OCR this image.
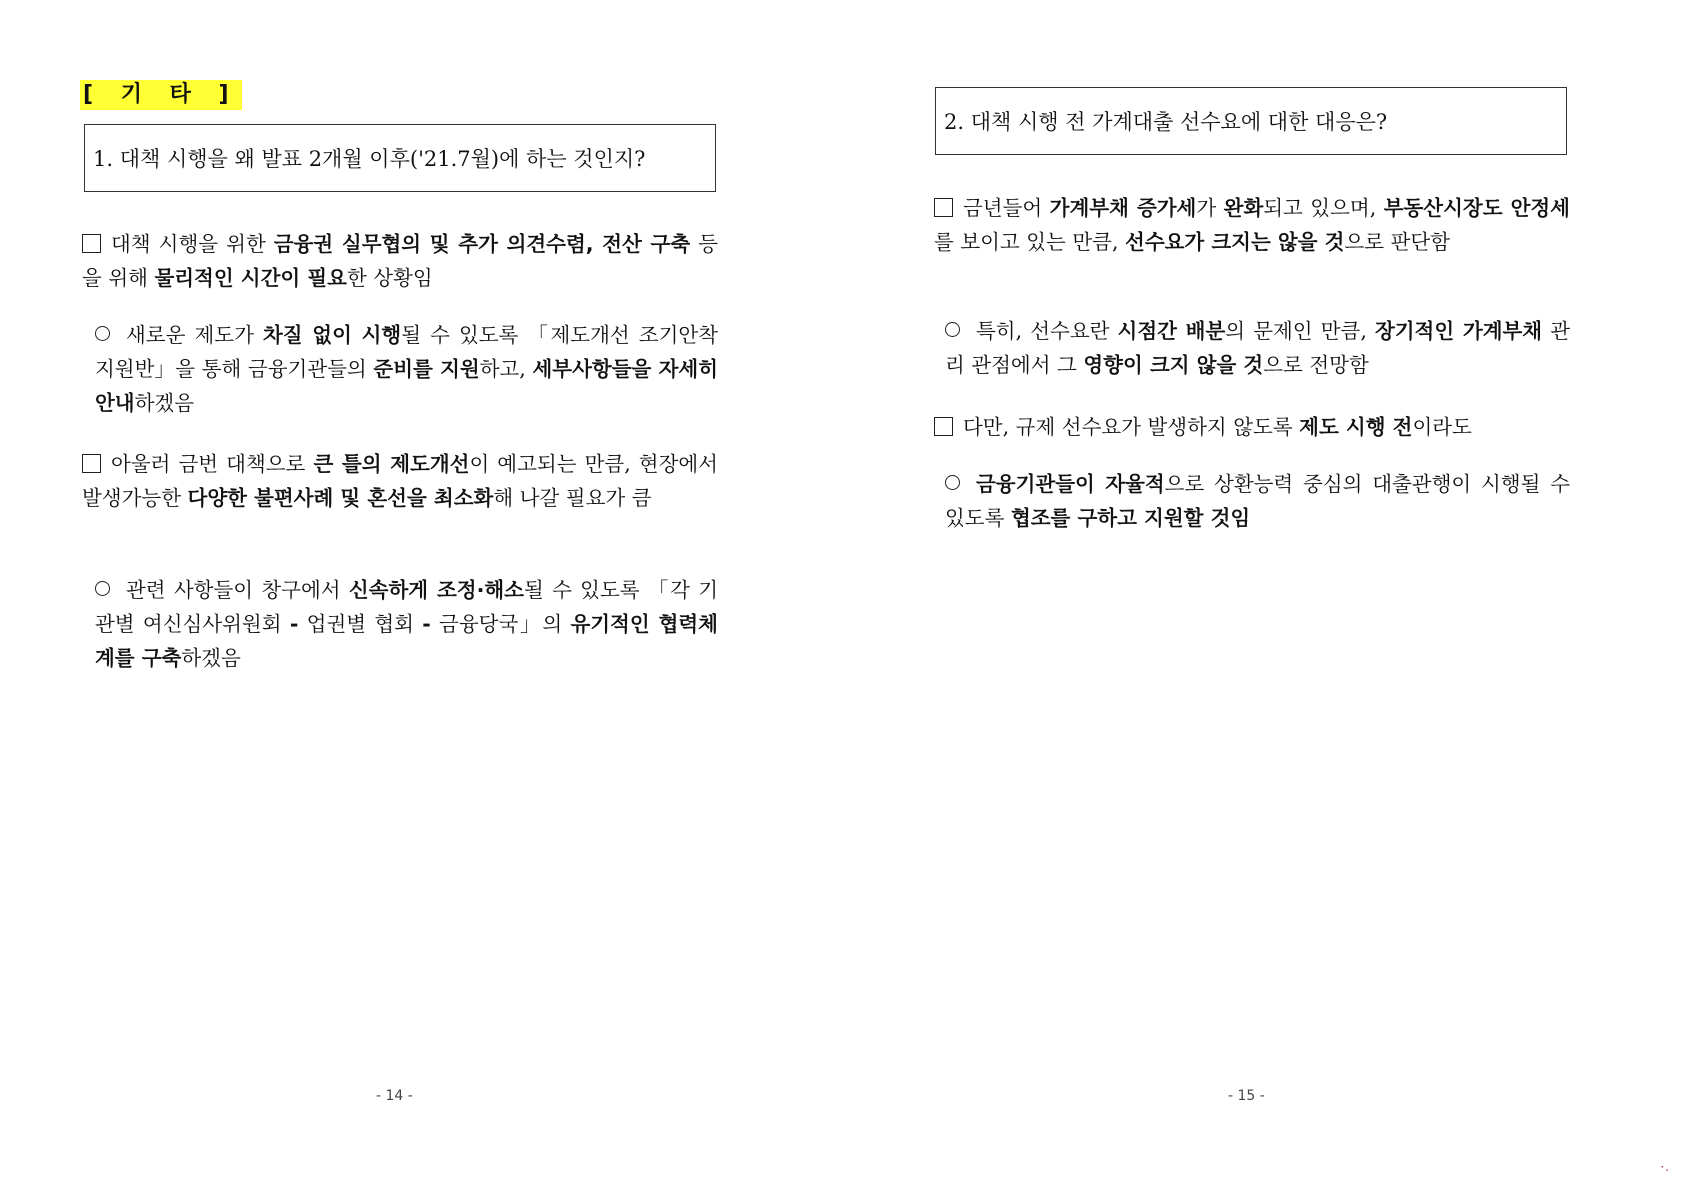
[ 기 타 ]
1. 대책 시행을 왜 발표 2개월 이후('21.7월)에 하는 것인지?
대책 시행을 위한 금융권 실무협의 및 추가 의견수렴, 전산 구축 등을 위해 물리적인 시간이 필요한 상황임
새로운 제도가 차질 없이 시행될 수 있도록 「제도개선 조기안착 지원반」을 통해 금융기관들의 준비를 지원하고, 세부사항들을 자세히 안내하겠음
아울러 금번 대책으로 큰 틀의 제도개선이 예고되는 만큼, 현장에서 발생가능한 다양한 불편사례 및 혼선을 최소화해 나갈 필요가 큼
관련 사항들이 창구에서 신속하게 조정·해소될 수 있도록 「각 기관별 여신심사위원회 - 업권별 협회 - 금융당국」의 유기적인 협력체계를 구축하겠음
- 14 -
2. 대책 시행 전 가계대출 선수요에 대한 대응은?
금년들어 가계부채 증가세가 완화되고 있으며, 부동산시장도 안정세를 보이고 있는 만큼, 선수요가 크지는 않을 것으로 판단함
특히, 선수요란 시점간 배분의 문제인 만큼, 장기적인 가계부채 관리 관점에서 그 영향이 크지 않을 것으로 전망함
다만, 규제 선수요가 발생하지 않도록 제도 시행 전이라도
금융기관들이 자율적으로 상환능력 중심의 대출관행이 시행될 수 있도록 협조를 구하고 지원할 것임
- 15 -
·.
